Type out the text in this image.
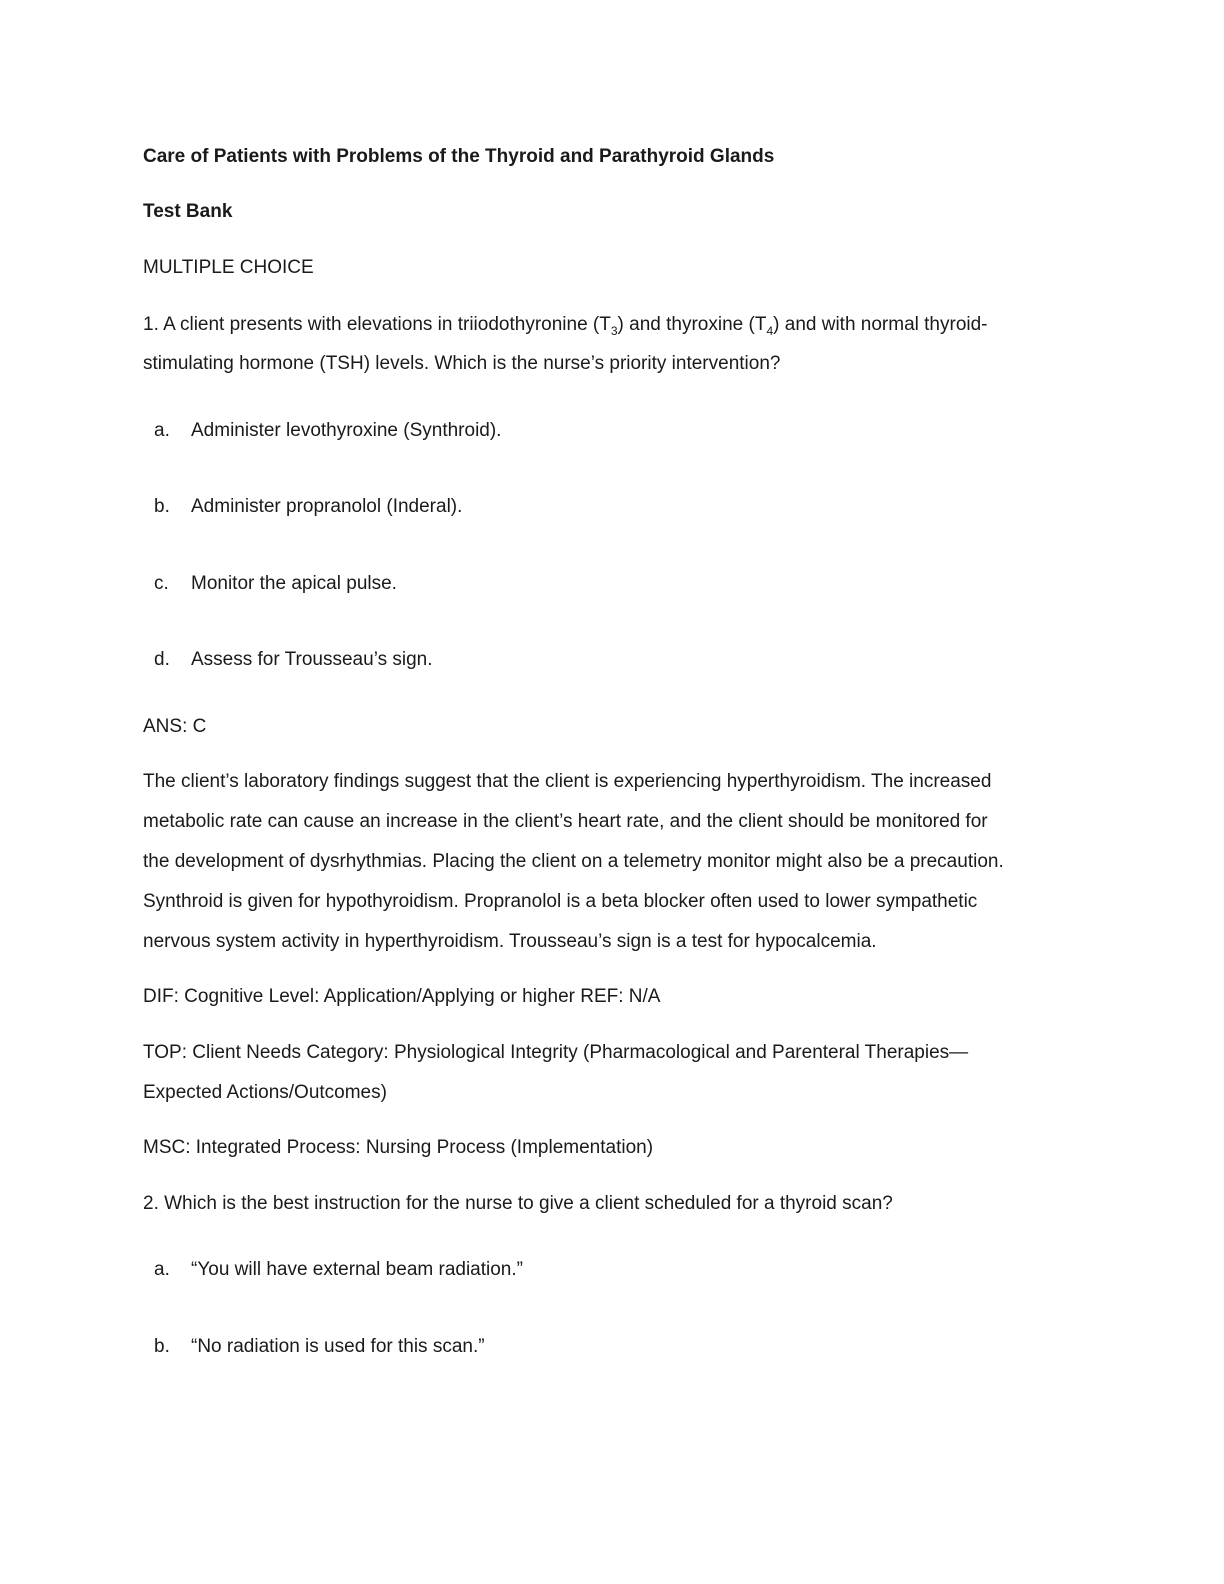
Care of Patients with Problems of the Thyroid and Parathyroid Glands
Test Bank
MULTIPLE CHOICE
1. A client presents with elevations in triiodothyronine $(T_3)$ and thyroxine $(T_4)$ and with normal thyroid-
stimulating hormone (TSH) levels. Which is the nurse’s priority intervention?
a. Administer levothyroxine (Synthroid).
b. Administer propranolol (Inderal).
c. Monitor the apical pulse.
d. Assess for Trousseau’s sign.
ANS: C
The client’s laboratory findings suggest that the client is experiencing hyperthyroidism. The increased
metabolic rate can cause an increase in the client’s heart rate, and the client should be monitored for
the development of dysrhythmias. Placing the client on a telemetry monitor might also be a precaution.
Synthroid is given for hypothyroidism. Propranolol is a beta blocker often used to lower sympathetic
nervous system activity in hyperthyroidism. Trousseau’s sign is a test for hypocalcemia.
DIF: Cognitive Level: Application/Applying or higher REF: N/A
TOP: Client Needs Category: Physiological Integrity (Pharmacological and Parenteral Therapies—
Expected Actions/Outcomes)
MSC: Integrated Process: Nursing Process (Implementation)
2. Which is the best instruction for the nurse to give a client scheduled for a thyroid scan?
a. “You will have external beam radiation.”
b. “No radiation is used for this scan.”
